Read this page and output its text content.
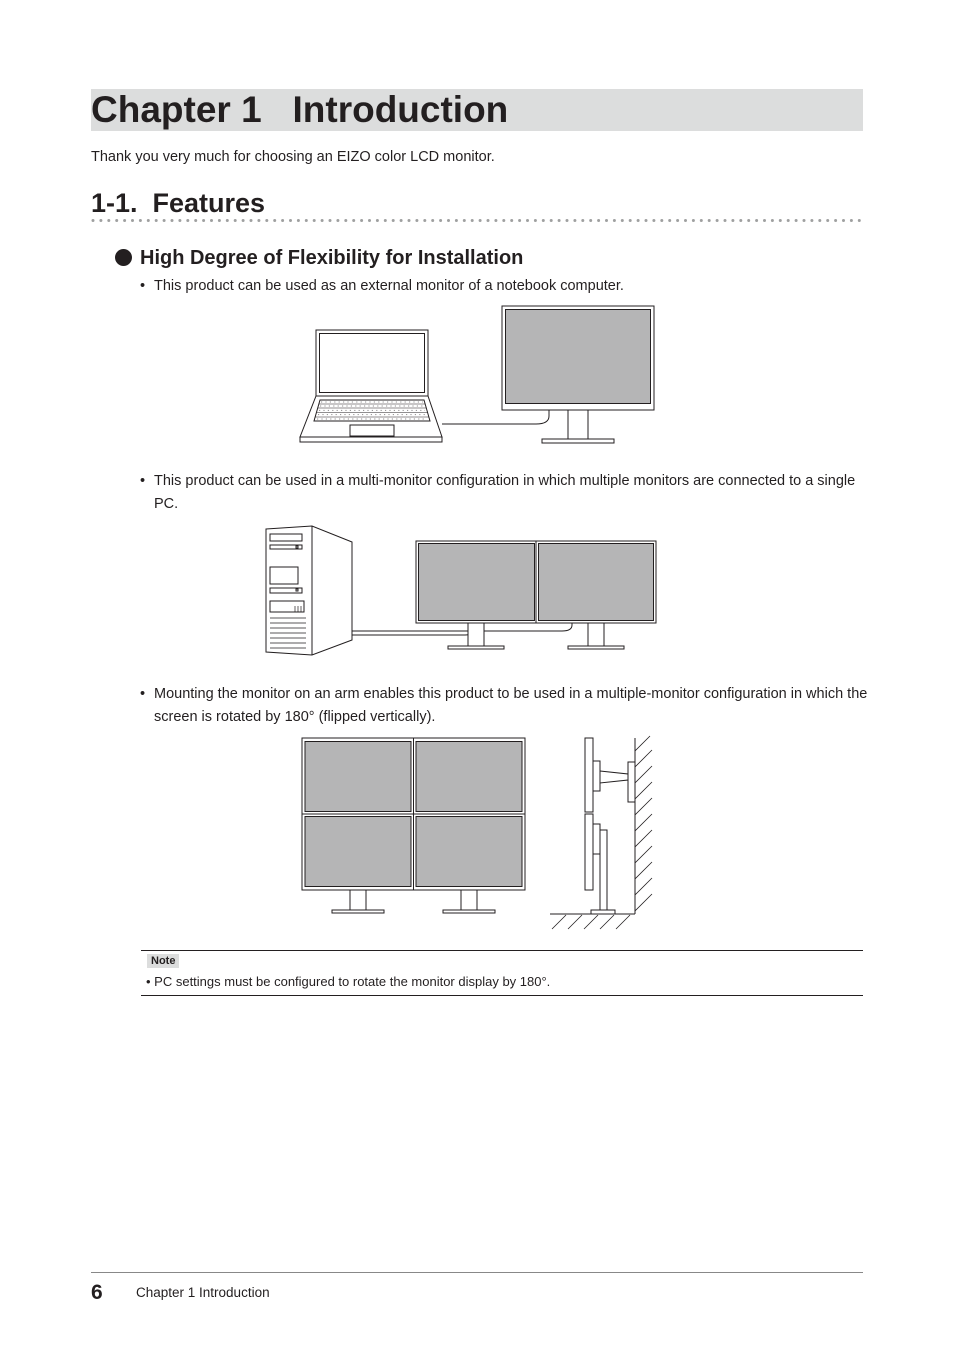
Chapter 1   Introduction
Thank you very much for choosing an EIZO color LCD monitor.
1-1.  Features
High Degree of Flexibility for Installation
• This product can be used as an external monitor of a notebook computer.
• This product can be used in a multi-monitor configuration in which multiple monitors are connected to a single PC.
• Mounting the monitor on an arm enables this product to be used in a multiple-monitor configuration in which the screen is rotated by 180° (flipped vertically).
Note
• PC settings must be configured to rotate the monitor display by 180°.
6 Chapter 1 Introduction
